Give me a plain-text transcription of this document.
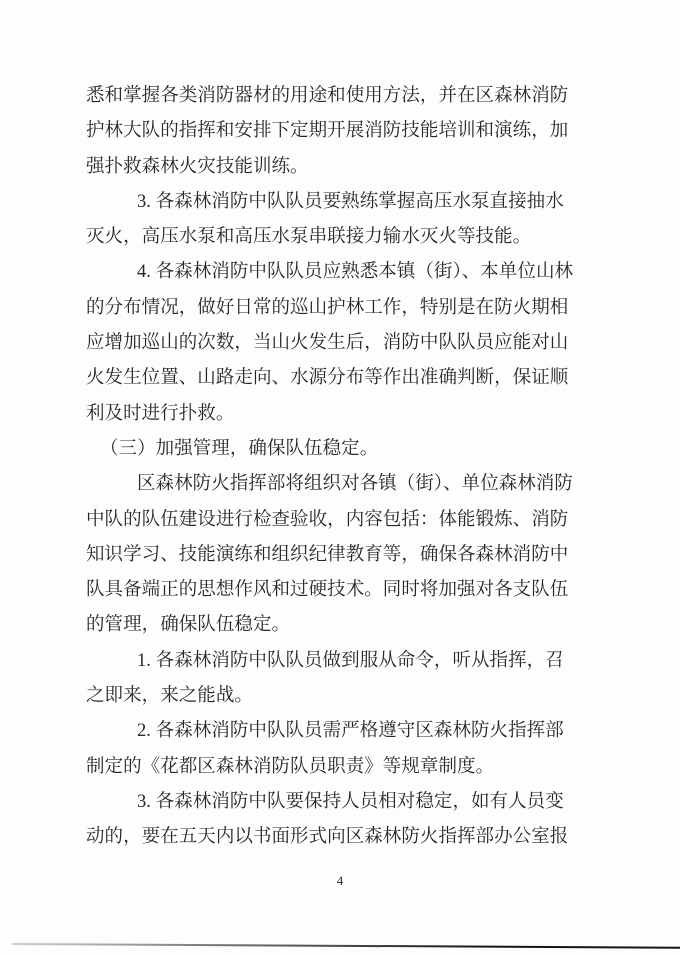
悉和掌握各类消防器材的用途和使用方法，并在区森林消防
护林大队的指挥和安排下定期开展消防技能培训和演练，加
强扑救森林火灾技能训练。
3. 各森林消防中队队员要熟练掌握高压水泵直接抽水
灭火，高压水泵和高压水泵串联接力输水灭火等技能。
4. 各森林消防中队队员应熟悉本镇（街）、本单位山林
的分布情况，做好日常的巡山护林工作，特别是在防火期相
应增加巡山的次数，当山火发生后，消防中队队员应能对山
火发生位置、山路走向、水源分布等作出准确判断，保证顺
利及时进行扑救。
（三）加强管理，确保队伍稳定。
区森林防火指挥部将组织对各镇（街）、单位森林消防
中队的队伍建设进行检查验收，内容包括：体能锻炼、消防
知识学习、技能演练和组织纪律教育等，确保各森林消防中
队具备端正的思想作风和过硬技术。同时将加强对各支队伍
的管理，确保队伍稳定。
1. 各森林消防中队队员做到服从命令，听从指挥，召
之即来，来之能战。
2. 各森林消防中队队员需严格遵守区森林防火指挥部
制定的《花都区森林消防队员职责》等规章制度。
3. 各森林消防中队要保持人员相对稳定，如有人员变
动的，要在五天内以书面形式向区森林防火指挥部办公室报
4
